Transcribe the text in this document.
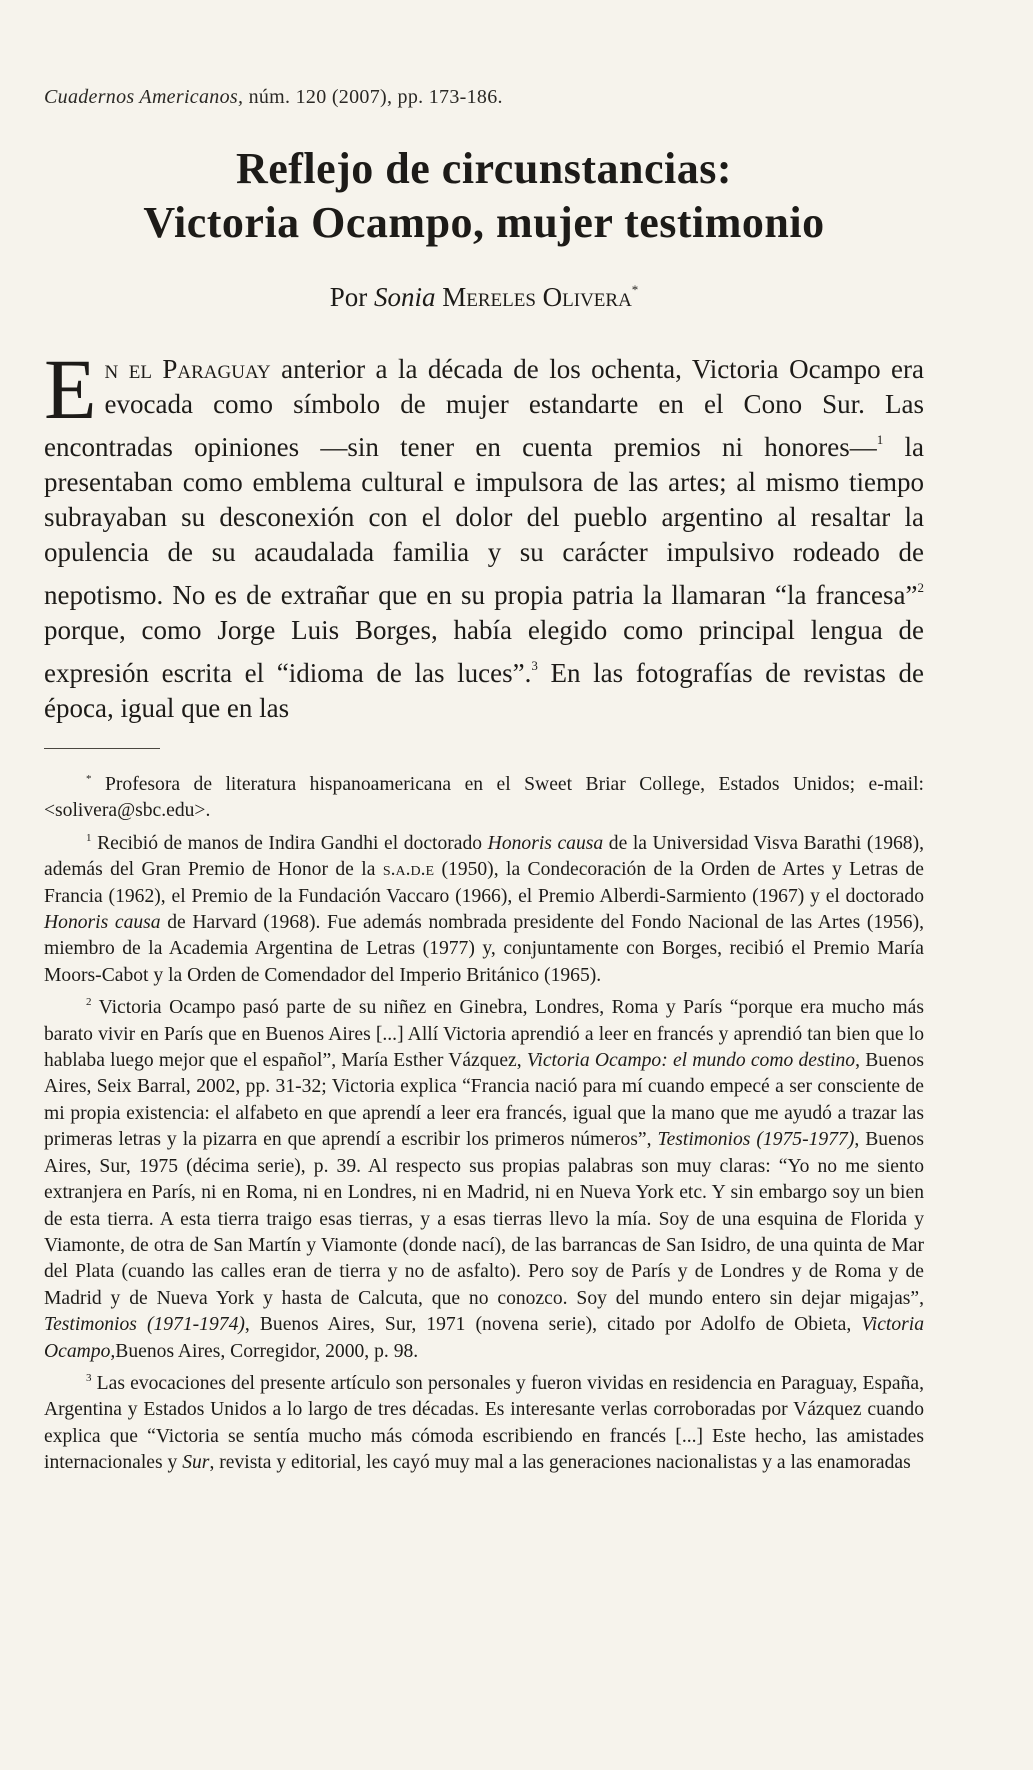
Cuadernos Americanos, núm. 120 (2007), pp. 173-186.
Reflejo de circunstancias:
Victoria Ocampo, mujer testimonio
Por Sonia Mereles Olivera*

En el Paraguay anterior a la década de los ochenta, Victoria Ocampo era evocada como símbolo de mujer estandarte en el Cono Sur. Las encontradas opiniones —sin tener en cuenta premios ni honores—$^1$ la presentaban como emblema cultural e impulsora de las artes; al mismo tiempo subrayaban su desconexión con el dolor del pueblo argentino al resaltar la opulencia de su acaudalada familia y su carácter impulsivo rodeado de nepotismo. No es de extrañar que en su propia patria la llamaran “la francesa”$^2$ porque, como Jorge Luis Borges, había elegido como principal lengua de expresión escrita el “idioma de las luces”.$^3$ En las fotografías de revistas de época, igual que en las

* Profesora de literatura hispanoamericana en el Sweet Briar College, Estados Unidos; e-mail: <solivera@sbc.edu>.

$^1$ Recibió de manos de Indira Gandhi el doctorado Honoris causa de la Universidad Visva Barathi (1968), además del Gran Premio de Honor de la s.a.d.e (1950), la Condecoración de la Orden de Artes y Letras de Francia (1962), el Premio de la Fundación Vaccaro (1966), el Premio Alberdi-Sarmiento (1967) y el doctorado Honoris causa de Harvard (1968). Fue además nombrada presidente del Fondo Nacional de las Artes (1956), miembro de la Academia Argentina de Letras (1977) y, conjuntamente con Borges, recibió el Premio María Moors-Cabot y la Orden de Comendador del Imperio Británico (1965).

$^2$ Victoria Ocampo pasó parte de su niñez en Ginebra, Londres, Roma y París “porque era mucho más barato vivir en París que en Buenos Aires [...] Allí Victoria aprendió a leer en francés y aprendió tan bien que lo hablaba luego mejor que el español”, María Esther Vázquez, Victoria Ocampo: el mundo como destino, Buenos Aires, Seix Barral, 2002, pp. 31-32; Victoria explica “Francia nació para mí cuando empecé a ser consciente de mi propia existencia: el alfabeto en que aprendí a leer era francés, igual que la mano que me ayudó a trazar las primeras letras y la pizarra en que aprendí a escribir los primeros números”, Testimonios (1975-1977), Buenos Aires, Sur, 1975 (décima serie), p. 39. Al respecto sus propias palabras son muy claras: “Yo no me siento extranjera en París, ni en Roma, ni en Londres, ni en Madrid, ni en Nueva York etc. Y sin embargo soy un bien de esta tierra. A esta tierra traigo esas tierras, y a esas tierras llevo la mía. Soy de una esquina de Florida y Viamonte, de otra de San Martín y Viamonte (donde nací), de las barrancas de San Isidro, de una quinta de Mar del Plata (cuando las calles eran de tierra y no de asfalto). Pero soy de París y de Londres y de Roma y de Madrid y de Nueva York y hasta de Calcuta, que no conozco. Soy del mundo entero sin dejar migajas”, Testimonios (1971-1974), Buenos Aires, Sur, 1971 (novena serie), citado por Adolfo de Obieta, Victoria Ocampo,Buenos Aires, Corregidor, 2000, p. 98.

$^3$ Las evocaciones del presente artículo son personales y fueron vividas en residencia en Paraguay, España, Argentina y Estados Unidos a lo largo de tres décadas. Es interesante verlas corroboradas por Vázquez cuando explica que “Victoria se sentía mucho más cómoda escribiendo en francés [...] Este hecho, las amistades internacionales y Sur, revista y editorial, les cayó muy mal a las generaciones nacionalistas y a las enamoradas
